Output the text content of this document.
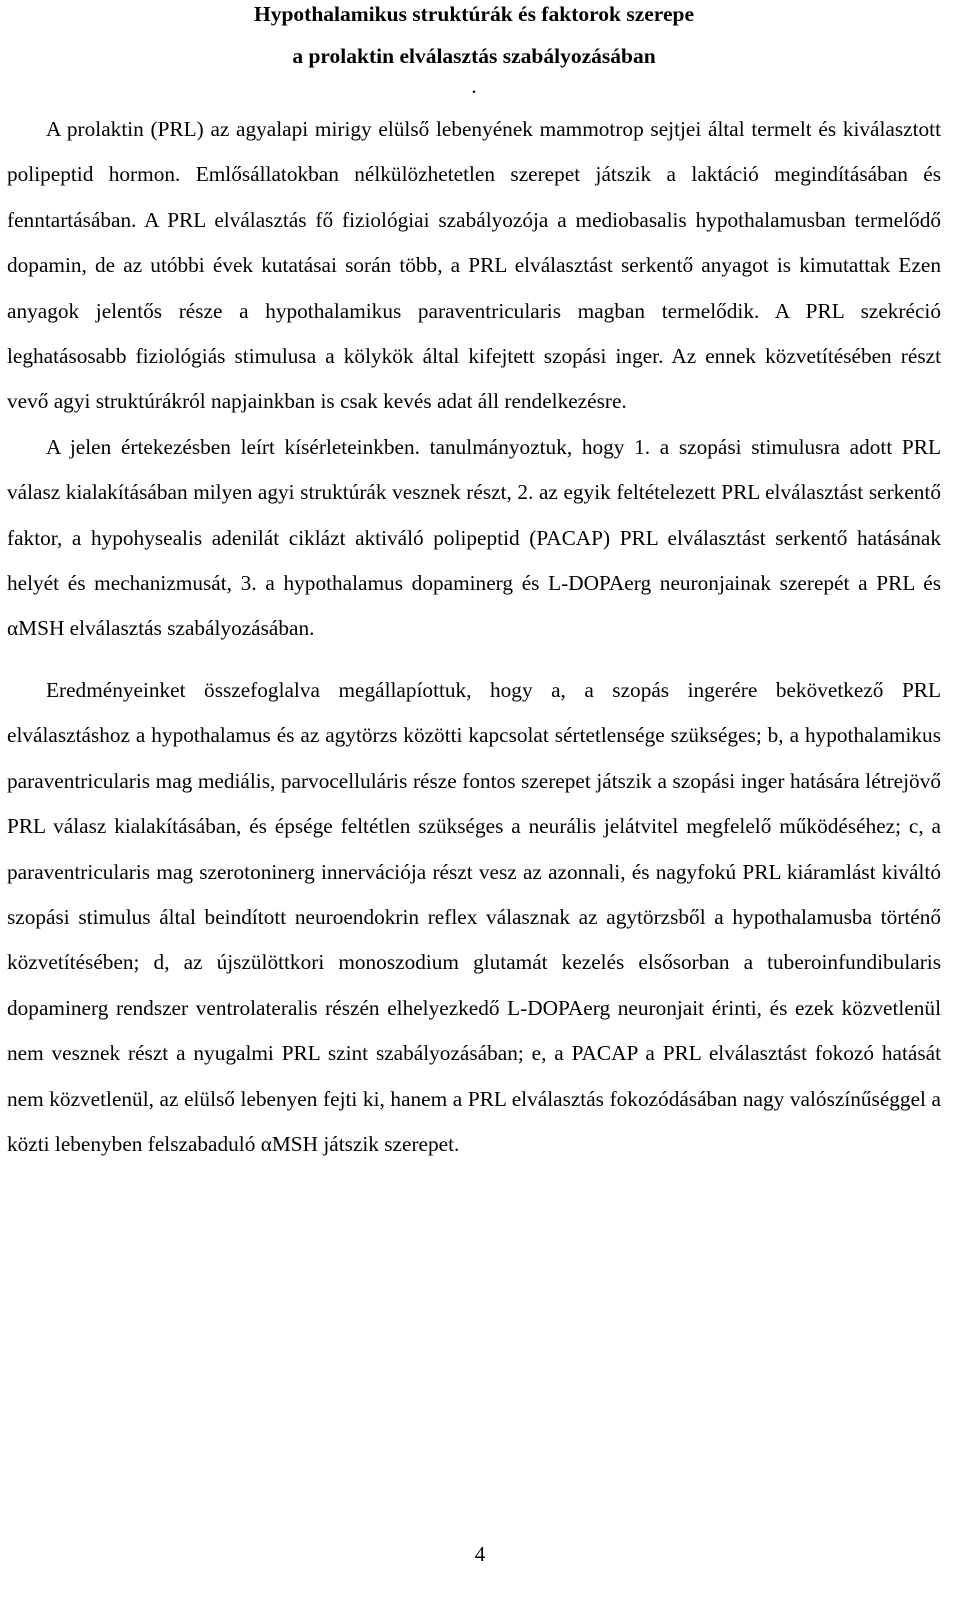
Hypothalamikus struktúrák és faktorok szerepe

a prolaktin elválasztás szabályozásában

.

A prolaktin (PRL) az agyalapi mirigy elülső lebenyének mammotrop sejtjei által termelt és kiválasztott polipeptid hormon. Emlősállatokban nélkülözhetetlen szerepet játszik a laktáció megindításában és fenntartásában. A PRL elválasztás fő fiziológiai szabályozója a mediobasalis hypothalamusban termelődő dopamin, de az utóbbi évek kutatásai során több, a PRL elválasztást serkentő anyagot is kimutattak Ezen anyagok jelentős része a hypothalamikus paraventricularis magban termelődik. A PRL szekréció leghatásosabb fiziológiás stimulusa a kölykök által kifejtett szopási inger. Az ennek közvetítésében részt vevő agyi struktúrákról napjainkban is csak kevés adat áll rendelkezésre.

A jelen értekezésben leírt kísérleteinkben. tanulmányoztuk, hogy 1. a szopási stimulusra adott PRL válasz kialakításában milyen agyi struktúrák vesznek részt, 2. az egyik feltételezett PRL elválasztást serkentő faktor, a hypohysealis adenilát ciklázt aktiváló polipeptid (PACAP) PRL elválasztást serkentő hatásának helyét és mechanizmusát, 3. a hypothalamus dopaminerg és L-DOPAerg neuronjainak szerepét a PRL és αMSH elválasztás szabályozásában.

Eredményeinket összefoglalva megállapíottuk, hogy a, a szopás ingerére bekövetkező PRL elválasztáshoz a hypothalamus és az agytörzs közötti kapcsolat sértetlensége szükséges; b, a hypothalamikus paraventricularis mag mediális, parvocelluláris része fontos szerepet játszik a szopási inger hatására létrejövő PRL válasz kialakításában, és épsége feltétlen szükséges a neurális jelátvitel megfelelő működéséhez; c, a paraventricularis mag szerotoninerg innervációja részt vesz az azonnali, és nagyfokú PRL kiáramlást kiváltó szopási stimulus által beindított neuroendokrin reflex válasznak az agytörzsből a hypothalamusba történő közvetítésében; d, az újszülöttkori monoszodium glutamát kezelés elsősorban a tuberoinfundibularis dopaminerg rendszer ventrolateralis részén elhelyezkedő L-DOPAerg neuronjait érinti, és ezek közvetlenül nem vesznek részt a nyugalmi PRL szint szabályozásában; e, a PACAP a PRL elválasztást fokozó hatását nem közvetlenül, az elülső lebenyen fejti ki, hanem a PRL elválasztás fokozódásában nagy valószínűséggel a közti lebenyben felszabaduló αMSH játszik szerepet.

4
